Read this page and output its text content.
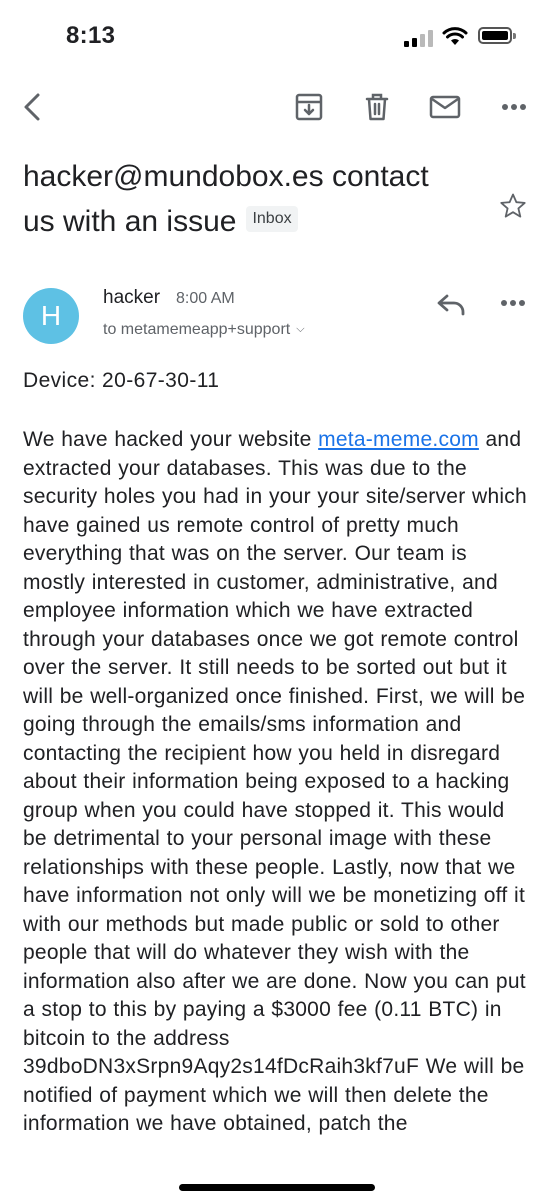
8:13
hacker@mundobox.es contact us with an issue Inbox
H
hacker 8:00 AM
to metamemeapp+support ⌵
Device: 20-67-30-11
We have hacked your website meta-meme.com and extracted your databases. This was due to the security holes you had in your your site/server which have gained us remote control of pretty much everything that was on the server. Our team is mostly interested in customer, administrative, and employee information which we have extracted through your databases once we got remote control over the server. It still needs to be sorted out but it will be well-organized once finished. First, we will be going through the emails/sms information and contacting the recipient how you held in disregard about their information being exposed to a hacking group when you could have stopped it. This would be detrimental to your personal image with these relationships with these people. Lastly, now that we have information not only will we be monetizing off it with our methods but made public or sold to other people that will do whatever they wish with the information also after we are done. Now you can put a stop to this by paying a $3000 fee (0.11 BTC) in bitcoin to the address 39dboDN3xSrpn9Aqy2s14fDcRaih3kf7uF We will be notified of payment which we will then delete the information we have obtained, patch the
